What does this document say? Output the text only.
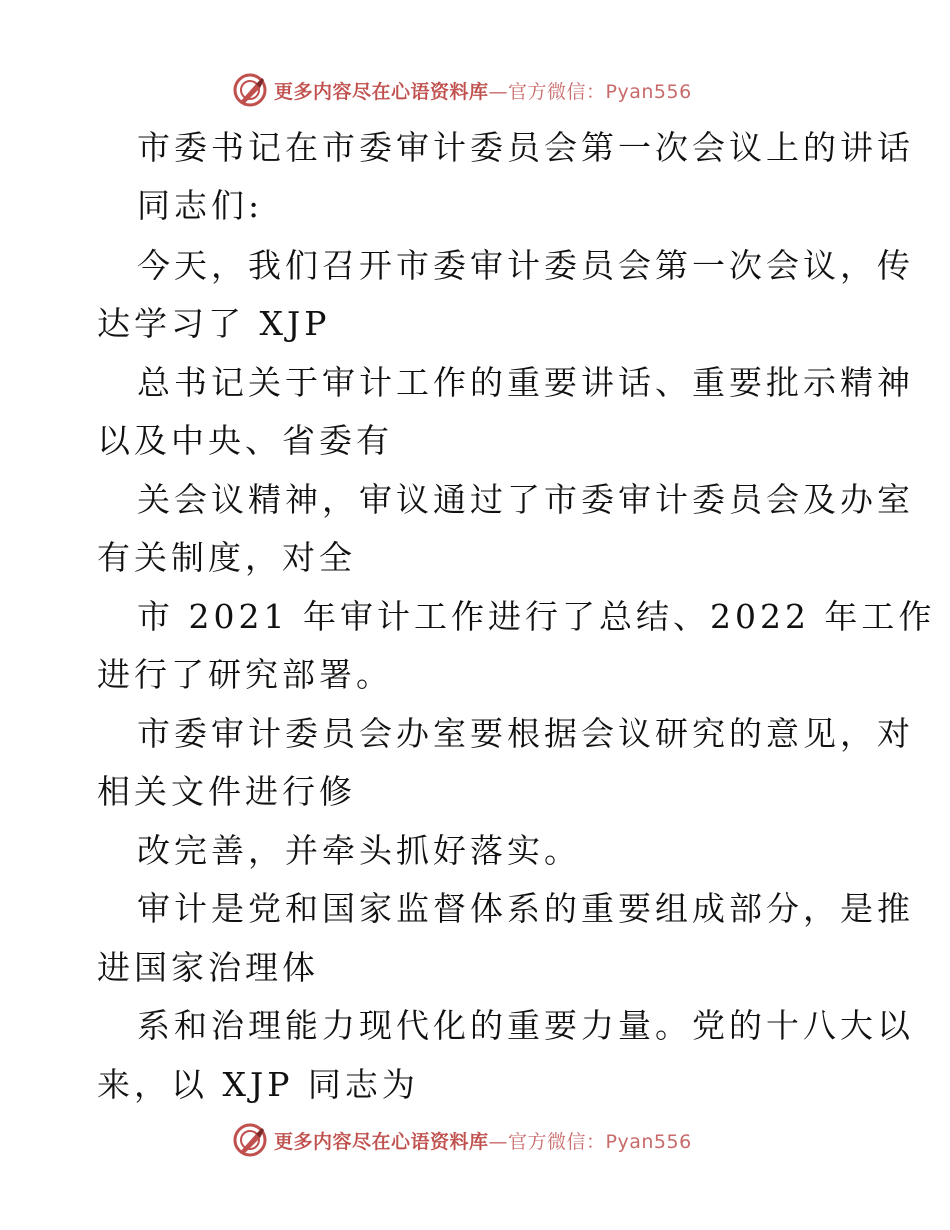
更多内容尽在心语资料库—官方微信：Pyan556
市委书记在市委审计委员会第一次会议上的讲话
同志们:
今天，我们召开市委审计委员会第一次会议，传
达学习了 XJP
总书记关于审计工作的重要讲话、重要批示精神
以及中央、省委有
关会议精神，审议通过了市委审计委员会及办室
有关制度，对全
市 2021 年审计工作进行了总结、2022 年工作
进行了研究部署。
市委审计委员会办室要根据会议研究的意见，对
相关文件进行修
改完善，并牵头抓好落实。
审计是党和国家监督体系的重要组成部分，是推
进国家治理体
系和治理能力现代化的重要力量。党的十八大以
来，以 XJP 同志为
更多内容尽在心语资料库—官方微信：Pyan556
